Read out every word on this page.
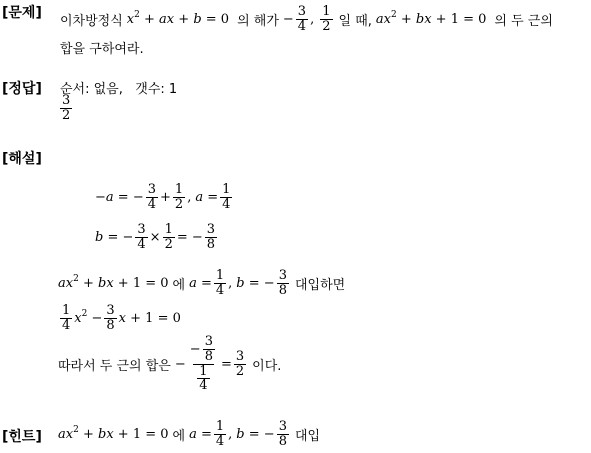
[문제] 이차방정식 $x^2$ + ax + b = 0 의 해가 − $\frac{3}{4}$ , $\frac{1}{2}$ 일 때, $ax^2$ + bx + 1 = 0 의 두 근의
합을 구하여라.
[정답] 순서: 없음, 갯수: 1
$\frac{3}{2}$
[해설]
−a = − $\frac{3}{4} + \frac{1}{2}$ , $a = \frac{1}{4}$
b = − $\frac{3}{4} \times \frac{1}{2}$ = − $\frac{3}{8}$
$ax^2$ + bx + 1 = 0 에 $a = \frac{1}{4}$ , b = − $\frac{3}{8}$ 대입하면
$\frac{1}{4} x^2 - \frac{3}{8}$ x + 1 = 0
따라서 두 근의 합은 − $\frac{- \frac{3}{8}}{\frac{1}{4}} = \frac{3}{2}$ 이다.
[힌트] $ax^2$ + bx + 1 = 0 에 $a = \frac{1}{4}$ , b = − $\frac{3}{8}$ 대입
